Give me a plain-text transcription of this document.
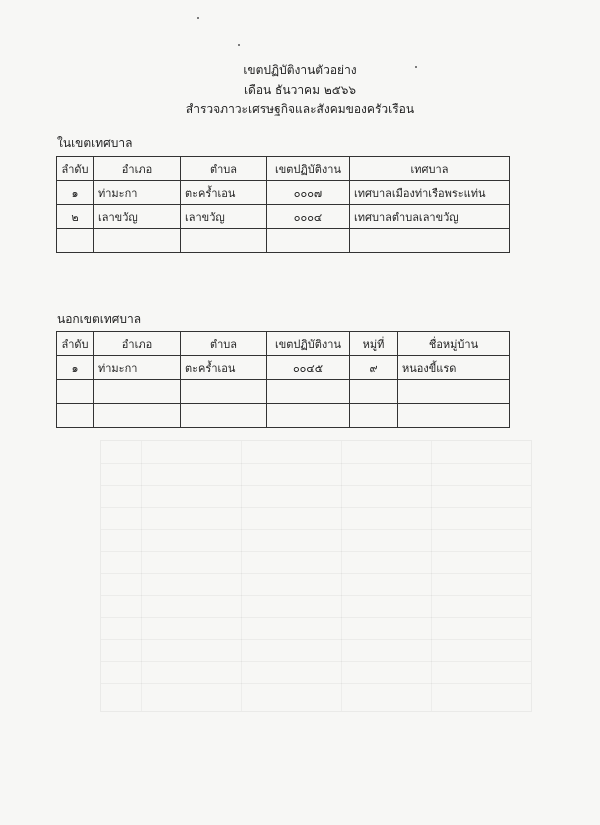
เขตปฏิบัติงานตัวอย่าง
เดือน ธันวาคม ๒๕๖๖
สำรวจภาวะเศรษฐกิจและสังคมของครัวเรือน
ในเขตเทศบาล
ลำดับ	อำเภอ	ตำบล	เขตปฏิบัติงาน	เทศบาล
๑	ท่ามะกา	ตะคร้ำเอน	๐๐๐๗	เทศบาลเมืองท่าเรือพระแท่น
๒	เลาขวัญ	เลาขวัญ	๐๐๐๔	เทศบาลตำบลเลาขวัญ

นอกเขตเทศบาล
ลำดับ	อำเภอ	ตำบล	เขตปฏิบัติงาน	หมู่ที่	ชื่อหมู่บ้าน
๑	ท่ามะกา	ตะคร้ำเอน	๐๐๔๕	๙	หนองขี้แรด
